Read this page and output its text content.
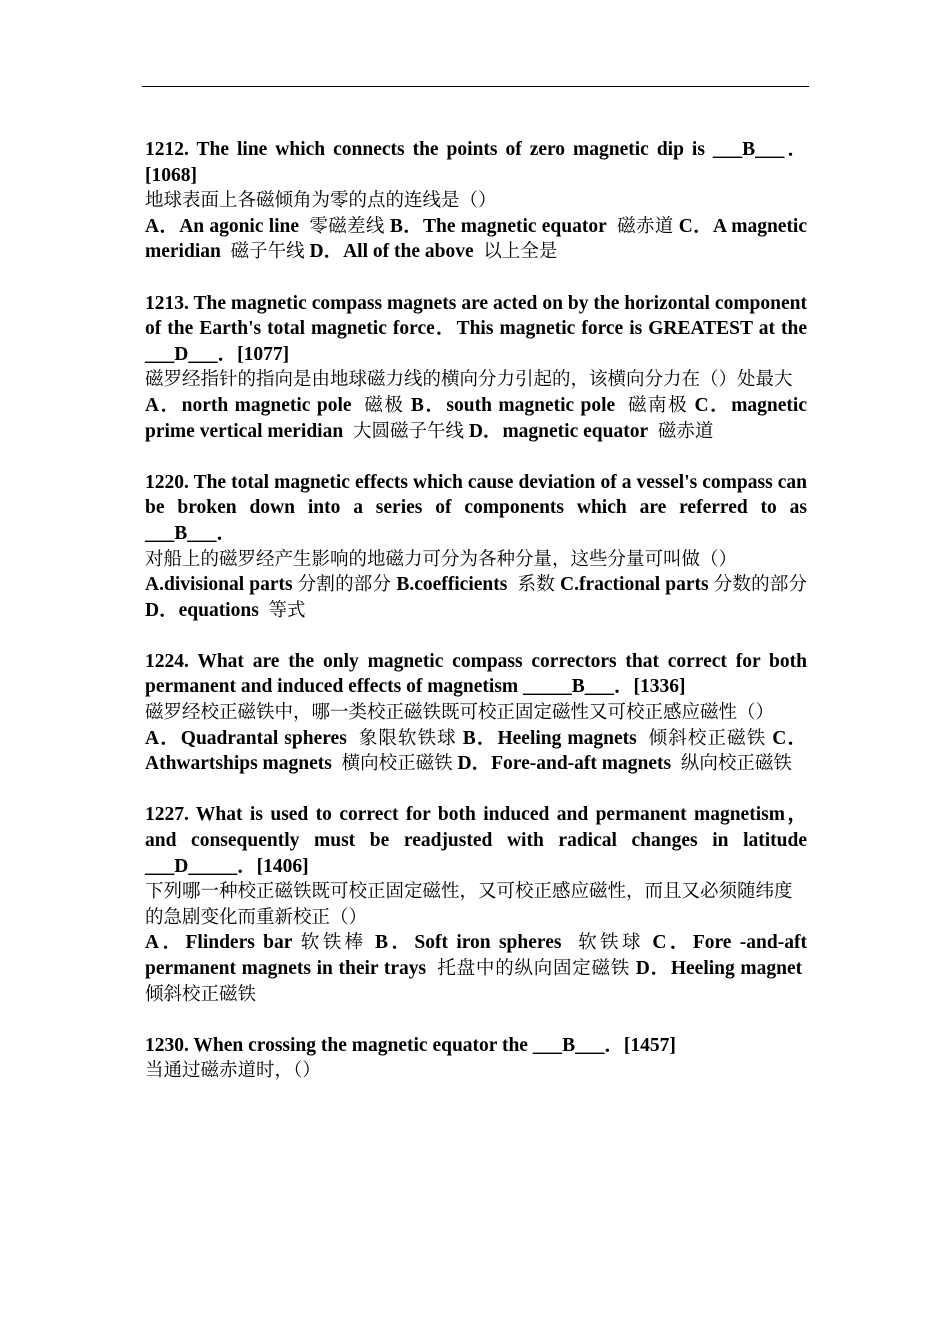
1212. The line which connects the points of zero magnetic dip is ___B___．[1068]
地球表面上各磁倾角为零的点的连线是（）
A．An agonic line 零磁差线 B．The magnetic equator 磁赤道 C．A magnetic meridian 磁子午线 D．All of the above 以上全是
1213. The magnetic compass magnets are acted on by the horizontal component of the Earth's total magnetic force．This magnetic force is GREATEST at the ___D___．[1077]
磁罗经指针的指向是由地球磁力线的横向分力引起的，该横向分力在（）处最大
A．north magnetic pole 磁极 B．south magnetic pole 磁南极 C．magnetic prime vertical meridian 大圆磁子午线 D．magnetic equator 磁赤道
1220. The total magnetic effects which cause deviation of a vessel's compass can be broken down into a series of components which are referred to as ___B___．
对船上的磁罗经产生影响的地磁力可分为各种分量，这些分量可叫做（）
A.divisional parts 分割的部分 B.coefficients 系数 C.fractional parts 分数的部分 D．equations 等式
1224. What are the only magnetic compass correctors that correct for both permanent and induced effects of magnetism _____B___．[1336]
磁罗经校正磁铁中，哪一类校正磁铁既可校正固定磁性又可校正感应磁性（）
A．Quadrantal spheres 象限软铁球 B．Heeling magnets 倾斜校正磁铁 C．Athwartships magnets 横向校正磁铁 D．Fore-and-aft magnets 纵向校正磁铁
1227. What is used to correct for both induced and permanent magnetism， and consequently must be readjusted with radical changes in latitude ___D_____．[1406]
下列哪一种校正磁铁既可校正固定磁性，又可校正感应磁性，而且又必须随纬度的急剧变化而重新校正（）
A．Flinders bar 软铁棒 B．Soft iron spheres 软铁球 C．Fore -and-aft permanent magnets in their trays 托盘中的纵向固定磁铁 D．Heeling magnet  倾斜校正磁铁
1230. When crossing the magnetic equator the ___B___．[1457]
当通过磁赤道时，（）
